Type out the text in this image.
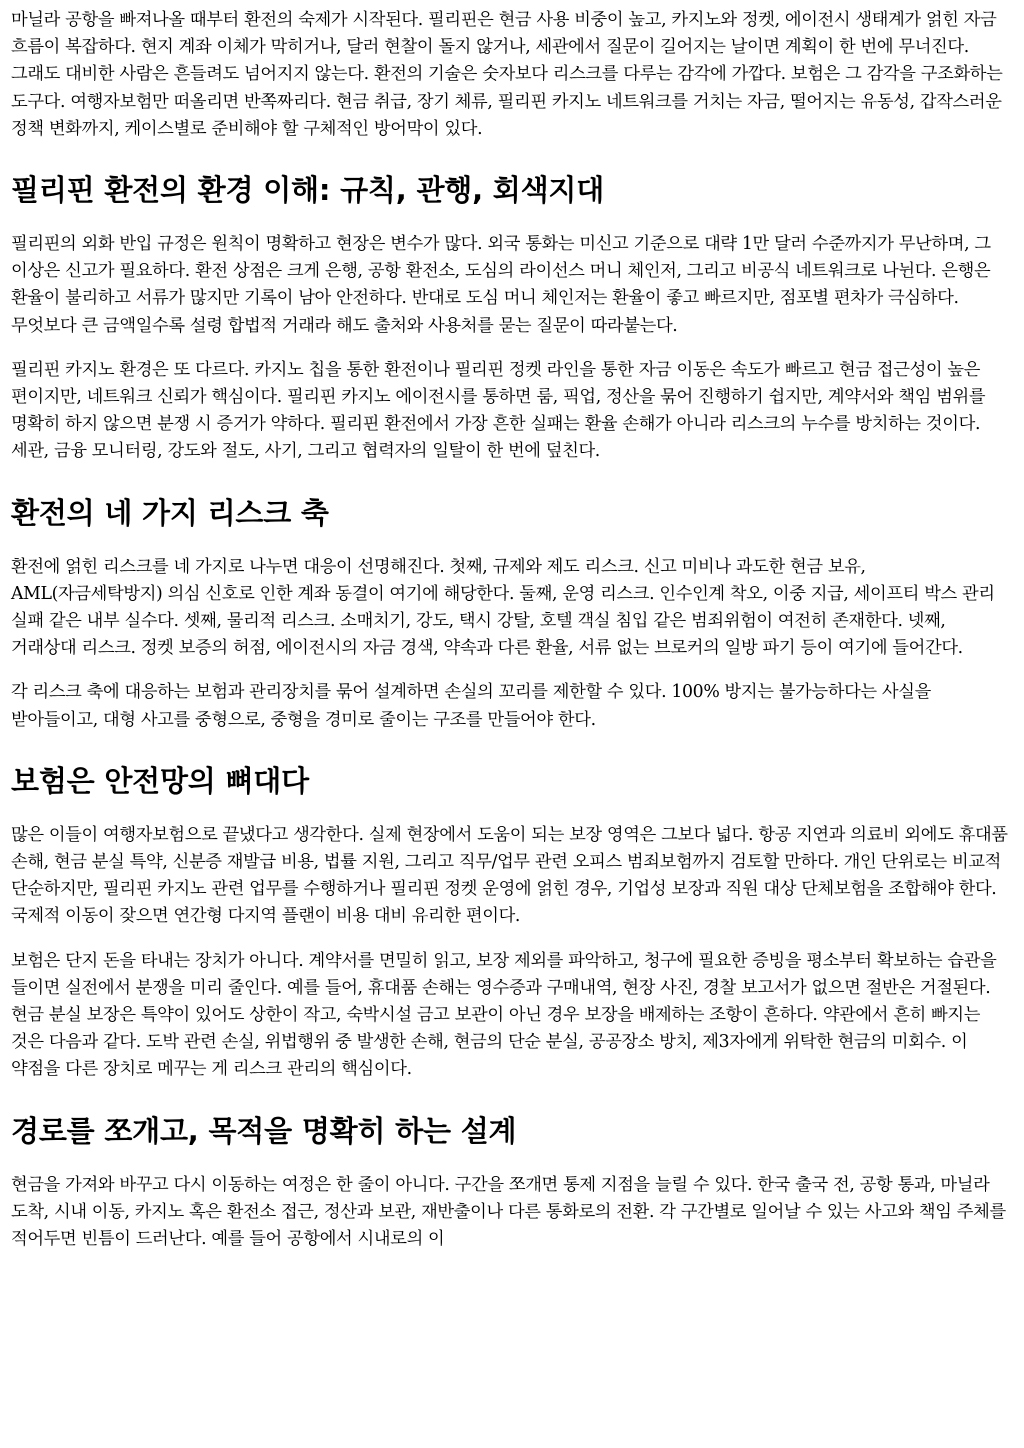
마닐라 공항을 빠져나올 때부터 환전의 숙제가 시작된다. 필리핀은 현금 사용 비중이 높고, 카지노와 정켓, 에이전시 생태계가 얽힌 자금 흐름이 복잡하다. 현지 계좌 이체가 막히거나, 달러 현찰이 돌지 않거나, 세관에서 질문이 길어지는 날이면 계획이 한 번에 무너진다. 그래도 대비한 사람은 흔들려도 넘어지지 않는다. 환전의 기술은 숫자보다 리스크를 다루는 감각에 가깝다. 보험은 그 감각을 구조화하는 도구다. 여행자보험만 떠올리면 반쪽짜리다. 현금 취급, 장기 체류, 필리핀 카지노 네트워크를 거치는 자금, 떨어지는 유동성, 갑작스러운 정책 변화까지, 케이스별로 준비해야 할 구체적인 방어막이 있다.

필리핀 환전의 환경 이해: 규칙, 관행, 회색지대

필리핀의 외화 반입 규정은 원칙이 명확하고 현장은 변수가 많다. 외국 통화는 미신고 기준으로 대략 1만 달러 수준까지가 무난하며, 그 이상은 신고가 필요하다. 환전 상점은 크게 은행, 공항 환전소, 도심의 라이선스 머니 체인저, 그리고 비공식 네트워크로 나뉜다. 은행은 환율이 불리하고 서류가 많지만 기록이 남아 안전하다. 반대로 도심 머니 체인저는 환율이 좋고 빠르지만, 점포별 편차가 극심하다. 무엇보다 큰 금액일수록 설령 합법적 거래라 해도 출처와 사용처를 묻는 질문이 따라붙는다.

필리핀 카지노 환경은 또 다르다. 카지노 칩을 통한 환전이나 필리핀 정켓 라인을 통한 자금 이동은 속도가 빠르고 현금 접근성이 높은 편이지만, 네트워크 신뢰가 핵심이다. 필리핀 카지노 에이전시를 통하면 룸, 픽업, 정산을 묶어 진행하기 쉽지만, 계약서와 책임 범위를 명확히 하지 않으면 분쟁 시 증거가 약하다. 필리핀 환전에서 가장 흔한 실패는 환율 손해가 아니라 리스크의 누수를 방치하는 것이다. 세관, 금융 모니터링, 강도와 절도, 사기, 그리고 협력자의 일탈이 한 번에 덮친다.

환전의 네 가지 리스크 축

환전에 얽힌 리스크를 네 가지로 나누면 대응이 선명해진다. 첫째, 규제와 제도 리스크. 신고 미비나 과도한 현금 보유, AML(자금세탁방지) 의심 신호로 인한 계좌 동결이 여기에 해당한다. 둘째, 운영 리스크. 인수인계 착오, 이중 지급, 세이프티 박스 관리 실패 같은 내부 실수다. 셋째, 물리적 리스크. 소매치기, 강도, 택시 강탈, 호텔 객실 침입 같은 범죄위험이 여전히 존재한다. 넷째, 거래상대 리스크. 정켓 보증의 허점, 에이전시의 자금 경색, 약속과 다른 환율, 서류 없는 브로커의 일방 파기 등이 여기에 들어간다.

각 리스크 축에 대응하는 보험과 관리장치를 묶어 설계하면 손실의 꼬리를 제한할 수 있다. 100% 방지는 불가능하다는 사실을 받아들이고, 대형 사고를 중형으로, 중형을 경미로 줄이는 구조를 만들어야 한다.

보험은 안전망의 뼈대다

많은 이들이 여행자보험으로 끝냈다고 생각한다. 실제 현장에서 도움이 되는 보장 영역은 그보다 넓다. 항공 지연과 의료비 외에도 휴대품 손해, 현금 분실 특약, 신분증 재발급 비용, 법률 지원, 그리고 직무/업무 관련 오피스 범죄보험까지 검토할 만하다. 개인 단위로는 비교적 단순하지만, 필리핀 카지노 관련 업무를 수행하거나 필리핀 정켓 운영에 얽힌 경우, 기업성 보장과 직원 대상 단체보험을 조합해야 한다. 국제적 이동이 잦으면 연간형 다지역 플랜이 비용 대비 유리한 편이다.

보험은 단지 돈을 타내는 장치가 아니다. 계약서를 면밀히 읽고, 보장 제외를 파악하고, 청구에 필요한 증빙을 평소부터 확보하는 습관을 들이면 실전에서 분쟁을 미리 줄인다. 예를 들어, 휴대품 손해는 영수증과 구매내역, 현장 사진, 경찰 보고서가 없으면 절반은 거절된다. 현금 분실 보장은 특약이 있어도 상한이 작고, 숙박시설 금고 보관이 아닌 경우 보장을 배제하는 조항이 흔하다. 약관에서 흔히 빠지는 것은 다음과 같다. 도박 관련 손실, 위법행위 중 발생한 손해, 현금의 단순 분실, 공공장소 방치, 제3자에게 위탁한 현금의 미회수. 이 약점을 다른 장치로 메꾸는 게 리스크 관리의 핵심이다.

경로를 쪼개고, 목적을 명확히 하는 설계

현금을 가져와 바꾸고 다시 이동하는 여정은 한 줄이 아니다. 구간을 쪼개면 통제 지점을 늘릴 수 있다. 한국 출국 전, 공항 통과, 마닐라 도착, 시내 이동, 카지노 혹은 환전소 접근, 정산과 보관, 재반출이나 다른 통화로의 전환. 각 구간별로 일어날 수 있는 사고와 책임 주체를 적어두면 빈틈이 드러난다. 예를 들어 공항에서 시내로의 이
